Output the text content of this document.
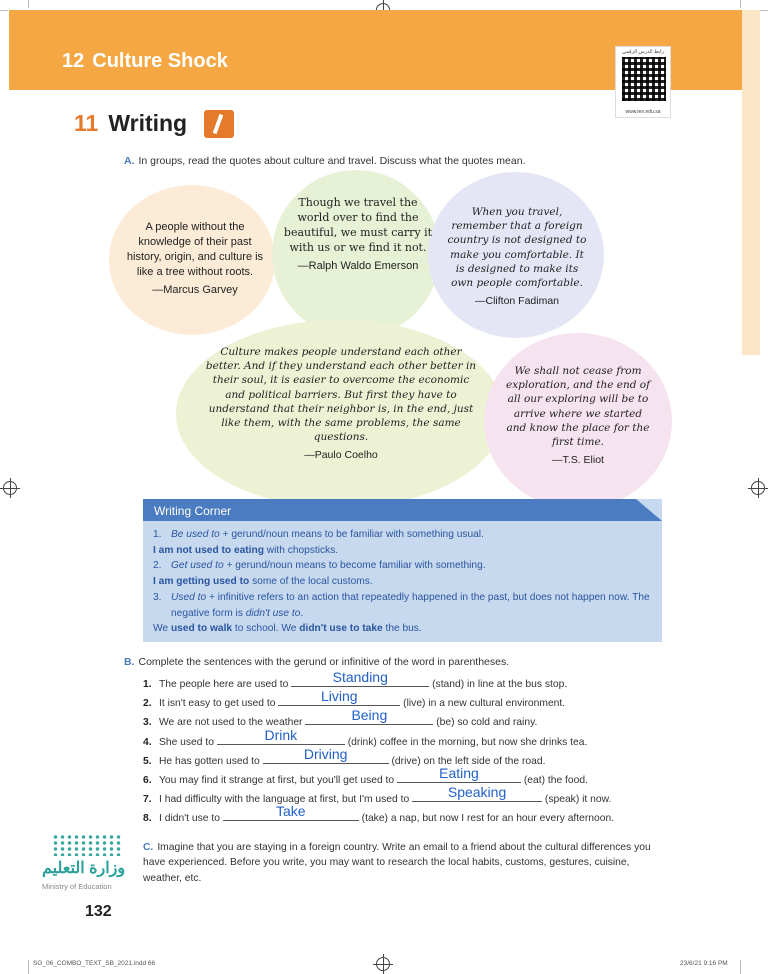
12 Culture Shock	رابط الدرس الرقمي
www.ien.edu.sa
11 Writing
A. In groups, read the quotes about culture and travel. Discuss what the quotes mean.
A people without the knowledge of their past history, origin, and culture is like a tree without roots.
—Marcus Garvey
Though we travel the world over to find the beautiful, we must carry it with us or we find it not.
—Ralph Waldo Emerson
When you travel, remember that a foreign country is not designed to make you comfortable. It is designed to make its own people comfortable.
—Clifton Fadiman
Culture makes people understand each other better. And if they understand each other better in their soul, it is easier to overcome the economic and political barriers. But first they have to understand that their neighbor is, in the end, just like them, with the same problems, the same questions.
—Paulo Coelho
We shall not cease from exploration, and the end of all our exploring will be to arrive where we started and know the place for the first time.
—T.S. Eliot
Writing Corner
1. Be used to + gerund/noun means to be familiar with something usual.
I am not used to eating with chopsticks.
2. Get used to + gerund/noun means to become familiar with something.
I am getting used to some of the local customs.
3. Used to + infinitive refers to an action that repeatedly happened in the past, but does not happen now. The negative form is didn't use to.
We used to walk to school. We didn't use to take the bus.
B. Complete the sentences with the gerund or infinitive of the word in parentheses.
1. The people here are used to	Standing	(stand) in line at the bus stop.
2. It isn't easy to get used to	Living	(live) in a new cultural environment.
3. We are not used to the weather	Being	(be) so cold and rainy.
4. She used to	Drink	(drink) coffee in the morning, but now she drinks tea.
5. He has gotten used to	Driving	(drive) on the left side of the road.
6. You may find it strange at first, but you'll get used to	Eating	(eat) the food.
7. I had difficulty with the language at first, but I'm used to	Speaking	(speak) it now.
8. I didn't use to	Take	(take) a nap, but now I rest for an hour every afternoon.
C. Imagine that you are staying in a foreign country. Write an email to a friend about the cultural differences you have experienced. Before you write, you may want to research the local habits, customs, gestures, cuisine, weather, etc.
وزارة التعليم
Ministry of Education
132
SG_06_COMBO_TEXT_SB_2021.indd 66	23/6/21 9:16 PM
